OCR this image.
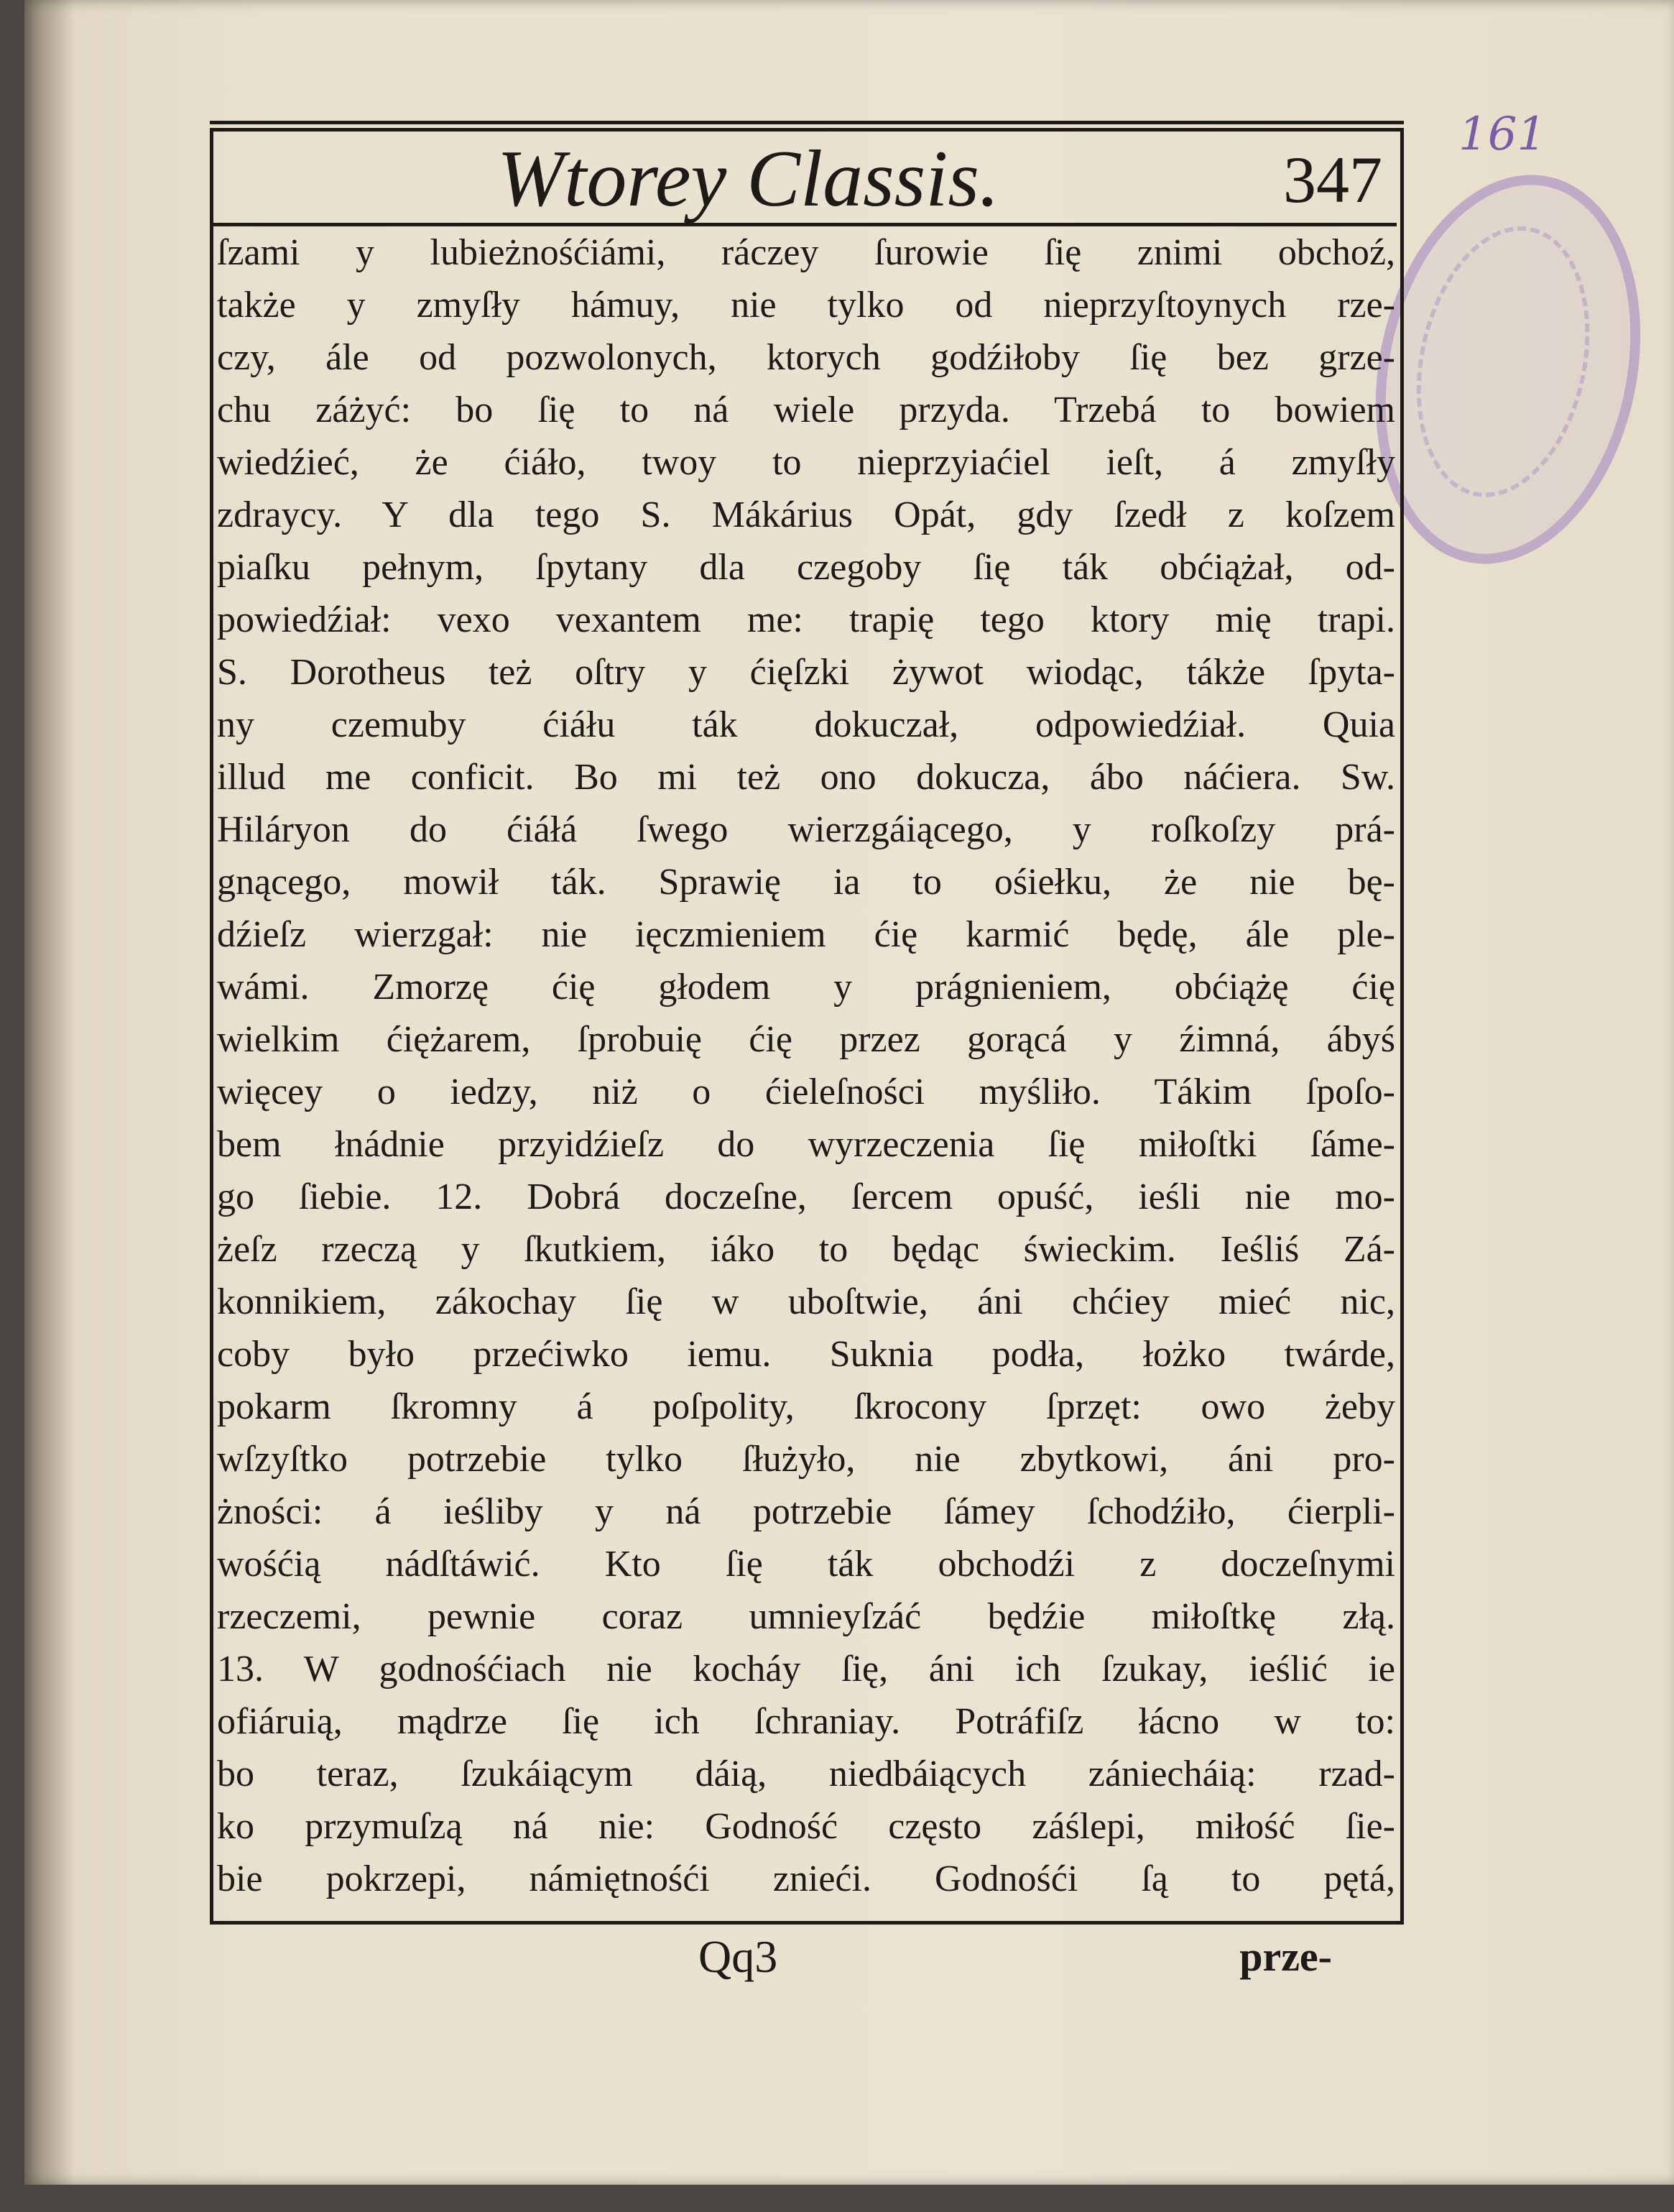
161
Wtorey Classis.	347
ſzami y lubieżnośćiámi, ráczey ſurowie ſię znimi obchoź,
także y zmyſły hámuy, nie tylko od nieprzyſtoynych rze-
czy, ále od pozwolonych, ktorych godźiłoby ſię bez grze-
chu záżyć: bo ſię to ná wiele przyda. Trzebá to bowiem
wiedźieć, że ćiáło, twoy to nieprzyiaćiel ieſt, á zmyſły
zdraycy. Y dla tego S. Mákárius Opát, gdy ſzedł z koſzem
piaſku pełnym, ſpytany dla czegoby ſię ták obćiążał, od-
powiedźiał: vexo vexantem me: trapię tego ktory mię trapi.
S. Dorotheus też oſtry y ćięſzki żywot wiodąc, tákże ſpyta-
ny czemuby ćiáłu ták dokuczał, odpowiedźiał. Quia
illud me conficit. Bo mi też ono dokucza, ábo náćiera. Sw.
Hiláryon do ćiáłá ſwego wierzgáiącego, y roſkoſzy prá-
gnącego, mowił ták. Sprawię ia to ośiełku, że nie bę-
dźieſz wierzgał: nie ięczmieniem ćię karmić będę, ále ple-
wámi. Zmorzę ćię głodem y prágnieniem, obćiążę ćię
wielkim ćiężarem, ſprobuię ćię przez gorącá y źimná, ábyś
więcey o iedzy, niż o ćieleſności myśliło. Tákim ſpoſo-
bem łnádnie przyidźieſz do wyrzeczenia ſię miłoſtki ſáme-
go ſiebie. 12. Dobrá doczeſne, ſercem opuść, ieśli nie mo-
żeſz rzeczą y ſkutkiem, iáko to będąc świeckim. Ieśliś Zá-
konnikiem, zákochay ſię w uboſtwie, áni chćiey mieć nic,
coby było przećiwko iemu. Suknia podła, łożko twárde,
pokarm ſkromny á poſpolity, ſkrocony ſprzęt: owo żeby
wſzyſtko potrzebie tylko ſłużyło, nie zbytkowi, áni pro-
żności: á ieśliby y ná potrzebie ſámey ſchodźiło, ćierpli-
wośćią nádſtáwić. Kto ſię ták obchodźi z doczeſnymi
rzeczemi, pewnie coraz umnieyſzáć będźie miłoſtkę złą.
13. W godnośćiach nie kocháy ſię, áni ich ſzukay, ieślić ie
ofiáruią, mądrze ſię ich ſchraniay. Potráfiſz łácno w to:
bo teraz, ſzukáiącym dáią, niedbáiących zániecháią: rzad-
ko przymuſzą ná nie: Godność często záślepi, miłość ſie-
bie pokrzepi, námiętnośći znieći. Godnośći ſą to pętá,
Qq3	prze-
